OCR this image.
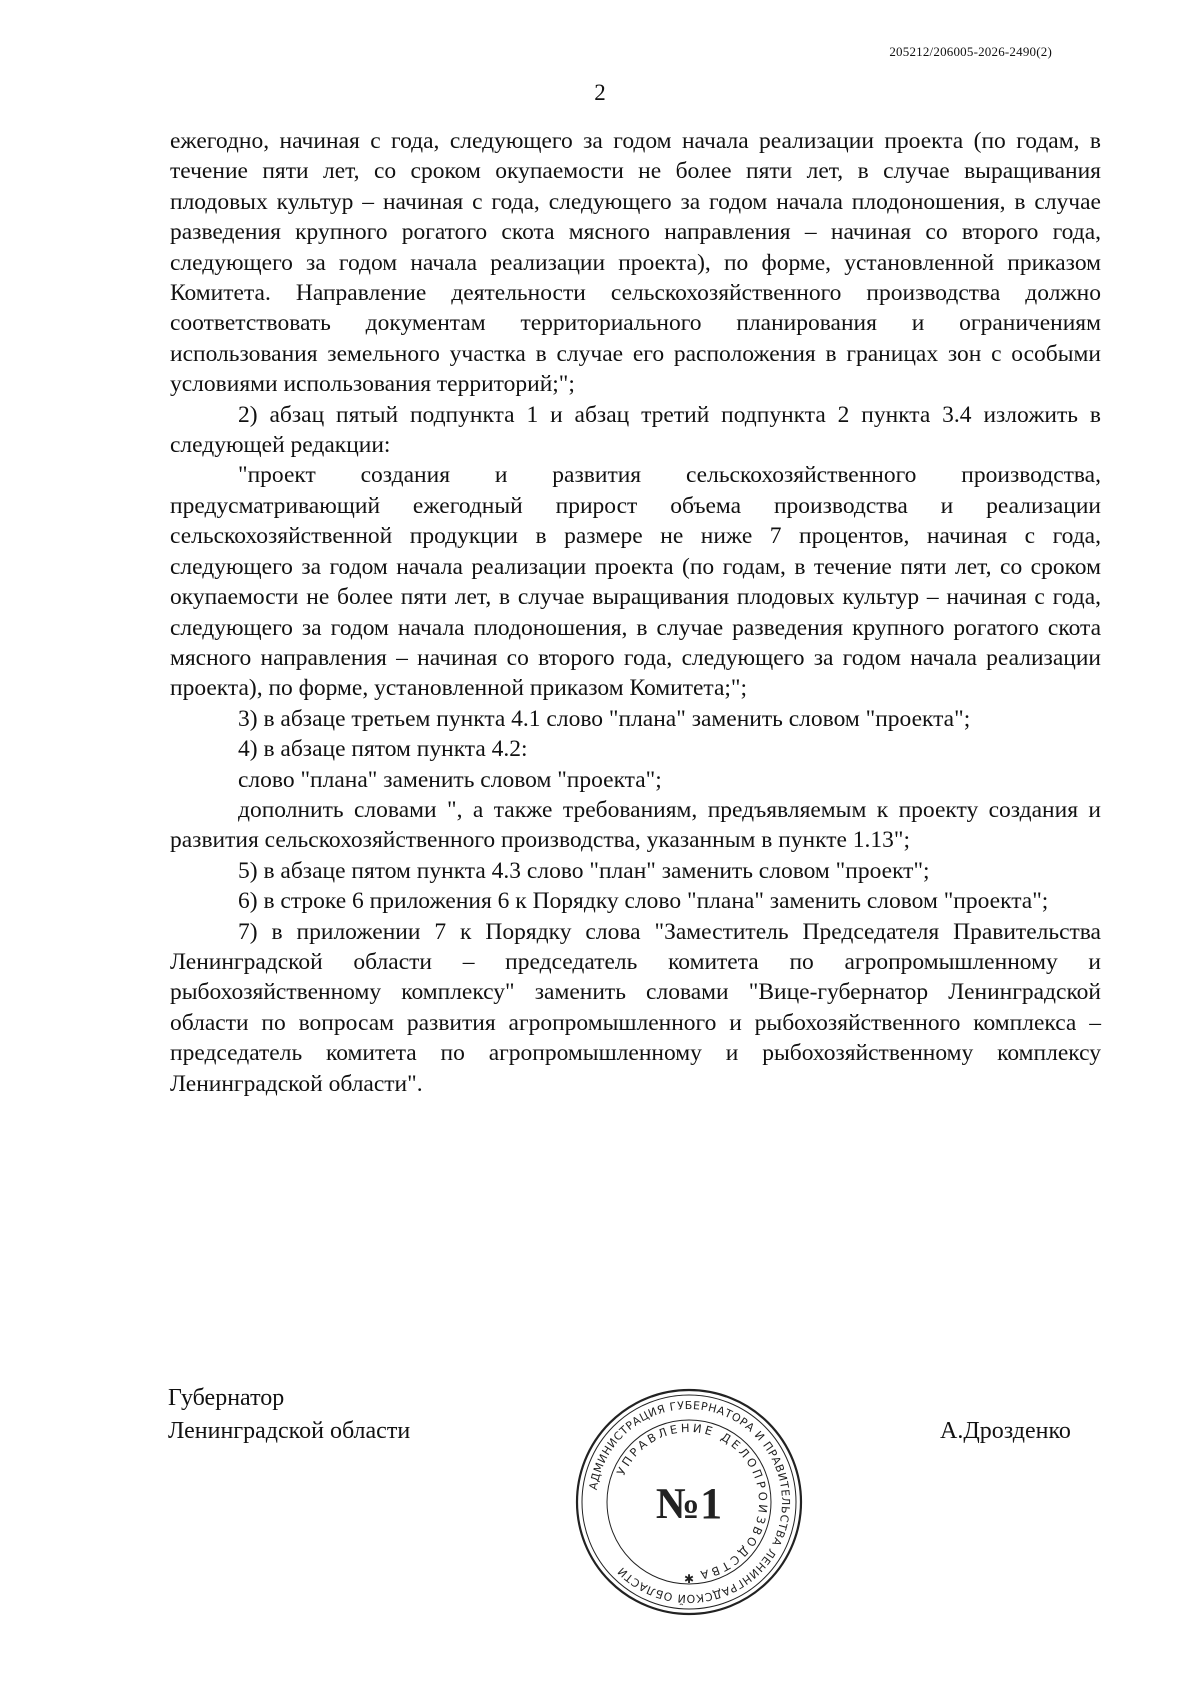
205212/206005-2026-2490(2)
2

ежегодно, начиная с года, следующего за годом начала реализации проекта (по годам, в течение пяти лет, со сроком окупаемости не более пяти лет, в случае выращивания плодовых культур – начиная с года, следующего за годом начала плодоношения, в случае разведения крупного рогатого скота мясного направления – начиная со второго года, следующего за годом начала реализации проекта), по форме, установленной приказом Комитета. Направление деятельности сельскохозяйственного производства должно соответствовать документам территориального планирования и ограничениям использования земельного участка в случае его расположения в границах зон с особыми условиями использования территорий;";

2) абзац пятый подпункта 1 и абзац третий подпункта 2 пункта 3.4 изложить в следующей редакции:

"проект создания и развития сельскохозяйственного производства, предусматривающий ежегодный прирост объема производства и реализации сельскохозяйственной продукции в размере не ниже 7 процентов, начиная с года, следующего за годом начала реализации проекта (по годам, в течение пяти лет, со сроком окупаемости не более пяти лет, в случае выращивания плодовых культур – начиная с года, следующего за годом начала плодоношения, в случае разведения крупного рогатого скота мясного направления – начиная со второго года, следующего за годом начала реализации проекта), по форме, установленной приказом Комитета;";

3) в абзаце третьем пункта 4.1 слово "плана" заменить словом "проекта";

4) в абзаце пятом пункта 4.2:

слово "плана" заменить словом "проекта";

дополнить словами ", а также требованиям, предъявляемым к проекту создания и развития сельскохозяйственного производства, указанным в пункте 1.13";

5) в абзаце пятом пункта 4.3 слово "план" заменить словом "проект";

6) в строке 6 приложения 6 к Порядку слово "плана" заменить словом "проекта";

7) в приложении 7 к Порядку слова "Заместитель Председателя Правительства Ленинградской области – председатель комитета по агропромышленному и рыбохозяйственному комплексу" заменить словами "Вице-губернатор Ленинградской области по вопросам развития агропромышленного и рыбохозяйственного комплекса – председатель комитета по агропромышленному и рыбохозяйственному комплексу Ленинградской области".

Губернатор
Ленинградской области
АДМИНИСТРАЦИЯ ГУБЕРНАТОРА И ПРАВИТЕЛЬСТВА ЛЕНИНГРАДСКОЙ ОБЛАСТИ
УПРАВЛЕНИЕ ДЕЛОПРОИЗВОДСТВА
№1
✱
А.Дрозденко
